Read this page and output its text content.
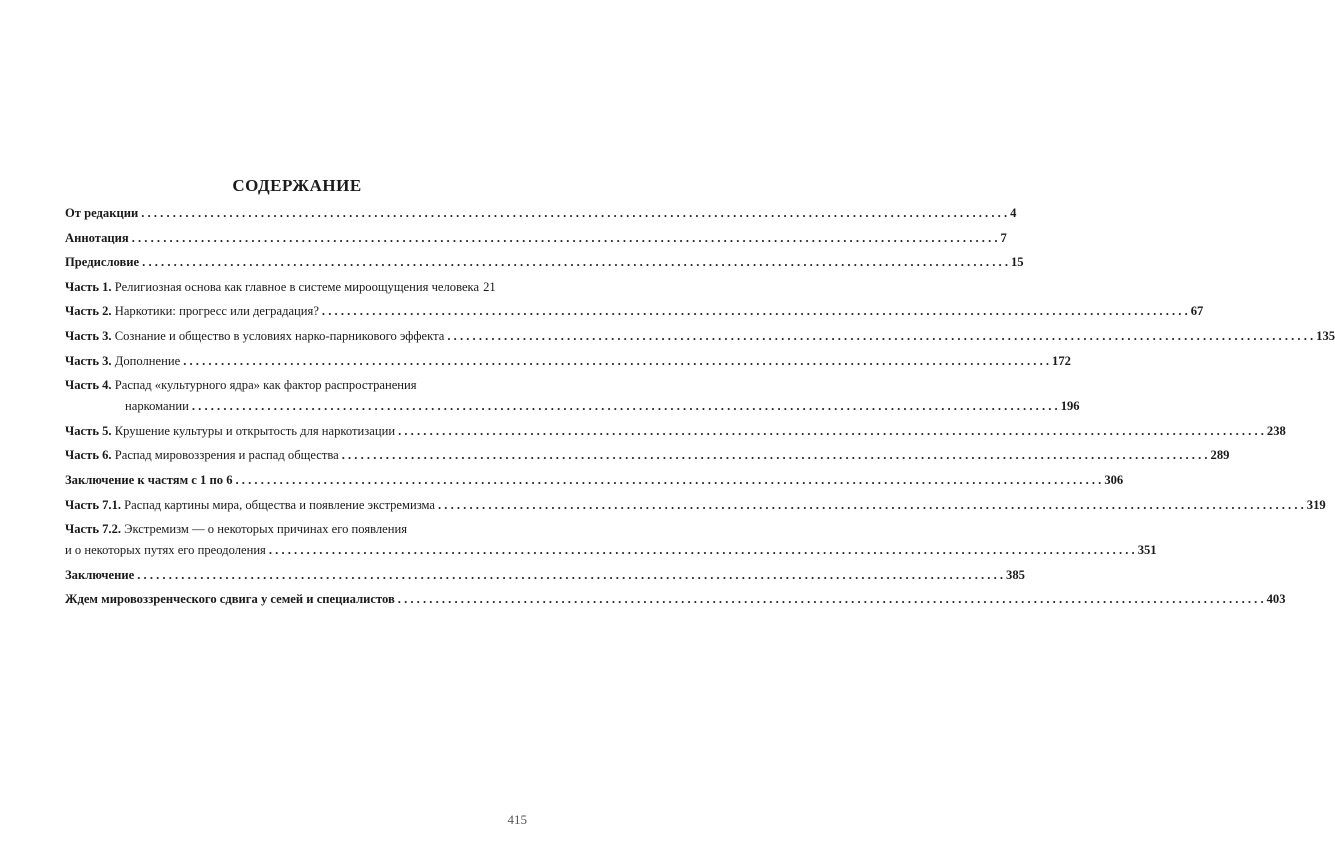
СОДЕРЖАНИЕ
От редакции . . .	4
Аннотация . . .	7
Предисловие . . .	15
Часть 1. Религиозная основа как главное в системе мироощущения человека 21
Часть 2. Наркотики: прогресс или деградация? . . .	67
Часть 3. Сознание и общество в условиях нарко-парникового эффекта . . .	135
Часть 3. Дополнение . . .	172
Часть 4. Распад «культурного ядра» как фактор распространения
наркомании . . .	196
Часть 5. Крушение культуры и открытость для наркотизации . . .	238
Часть 6. Распад мировоззрения и распад общества . . .	289
Заключение к частям с 1 по 6 . . .	306
Часть 7.1. Распад картины мира, общества и появление экстремизма . . .	319
Часть 7.2. Экстремизм — о некоторых причинах его появления
и о некоторых путях его преодоления . . .	351
Заключение . . .	385
Ждем мировоззренческого сдвига у семей и специалистов . . .	403
415
